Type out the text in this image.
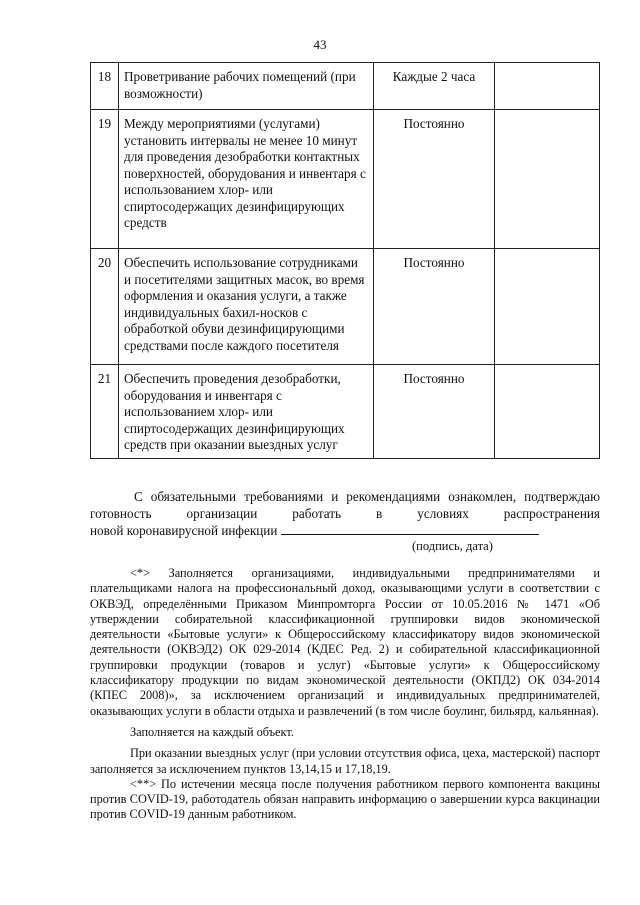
43
18	Проветривание рабочих помещений (при возможности)	Каждые 2 часа	
19	Между мероприятиями (услугами) установить интервалы не менее 10 минут для проведения дезобработки контактных поверхностей, оборудования и инвентаря с использованием хлор- или спиртосодержащих дезинфицирующих средств	Постоянно	
20	Обеспечить использование сотрудниками и посетителями защитных масок, во время оформления и оказания услуги, а также индивидуальных бахил-носков с обработкой обуви дезинфицирующими средствами после каждого посетителя	Постоянно	
21	Обеспечить проведения дезобработки, оборудования и инвентаря с использованием хлор- или спиртосодержащих дезинфицирующих средств при оказании выездных услуг	Постоянно	

С обязательными требованиями и рекомендациями ознакомлен, подтверждаю готовность организации работать в условиях распространения

новой коронавирусной инфекции

(подпись, дата)

<*> Заполняется организациями, индивидуальными предпринимателями и плательщиками налога на профессиональный доход, оказывающими услуги в соответствии с ОКВЭД, определёнными Приказом Минпромторга России от 10.05.2016 № 1471 «Об утверждении собирательной классификационной группировки видов экономической деятельности «Бытовые услуги» к Общероссийскому классификатору видов экономической деятельности (ОКВЭД2) ОК 029-2014 (КДЕС Ред. 2) и собирательной классификационной группировки продукции (товаров и услуг) «Бытовые услуги» к Общероссийскому классификатору продукции по видам экономической деятельности (ОКПД2) ОК 034-2014 (КПЕС 2008)», за исключением организаций и индивидуальных предпринимателей, оказывающих услуги в области отдыха и развлечений (в том числе боулинг, бильярд, кальянная).

Заполняется на каждый объект.

При оказании выездных услуг (при условии отсутствия офиса, цеха, мастерской) паспорт заполняется за исключением пунктов 13,14,15 и 17,18,19.

<**> По истечении месяца после получения работником первого компонента вакцины против COVID-19, работодатель обязан направить информацию о завершении курса вакцинации против COVID-19 данным работником.
